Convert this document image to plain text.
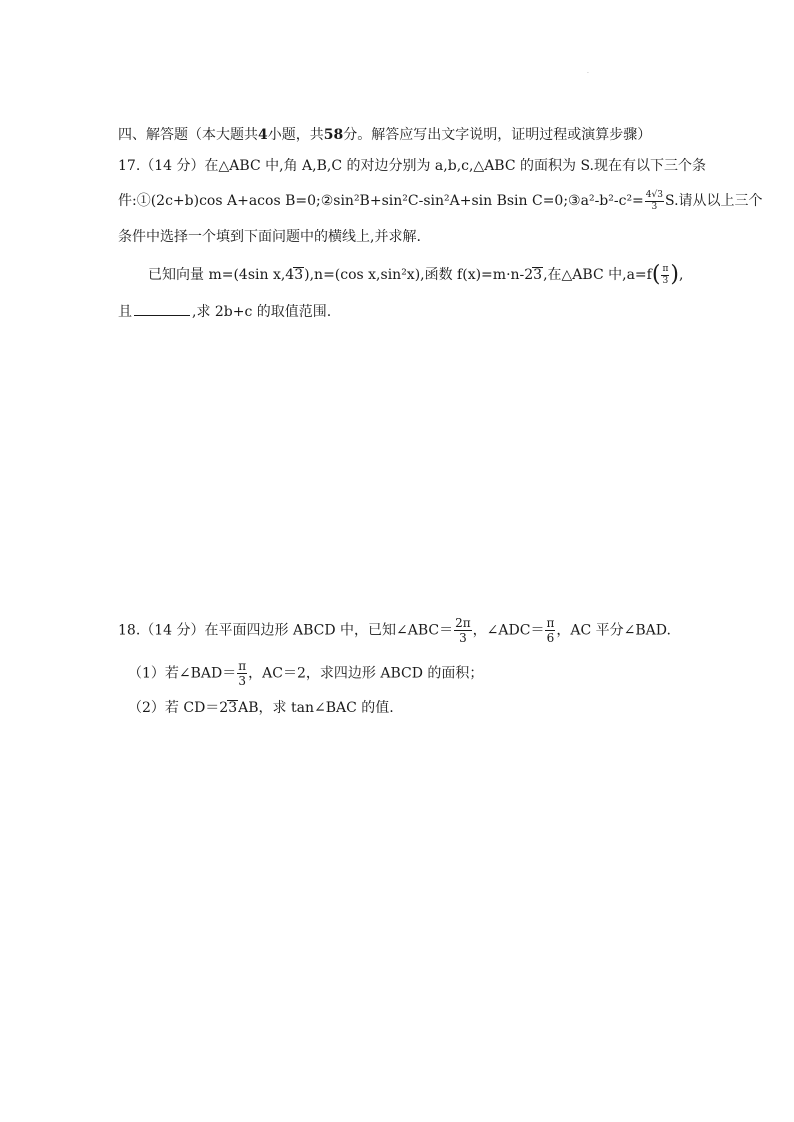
·
四、解答题（本大题共4小题，共58分。解答应写出文字说明，证明过程或演算步骤）
17.（14 分）在△ABC 中,角 A,B,C 的对边分别为 a,b,c,△ABC 的面积为 S.现在有以下三个条
件:①(2c+b)cos A+acos B=0;②sin²B+sin²C-sin²A+sin Bsin C=0;③a²-b²-c²= $\frac{4√3}{3} S$.请从以上三个
条件中选择一个填到下面问题中的横线上,并求解.
已知向量 m=(4sin x,43),n=(cos x,sin²x),函数 f(x)=m·n-23,在△ABC 中$,a=f( \frac{\pi}{3}$ ),
且	,求 2b+c 的取值范围.
18.（14 分）在平面四边形 ABCD 中，已知∠ABC＝ $\frac{2\pi}{3}$ ，∠ADC＝ $\frac{\pi}{6}$ ，AC 平分∠BAD.
（1）若∠BAD＝ $\frac{\pi}{3}$ ，AC＝2，求四边形 ABCD 的面积；
（2）若 CD＝23AB，求 tan∠BAC 的值.
